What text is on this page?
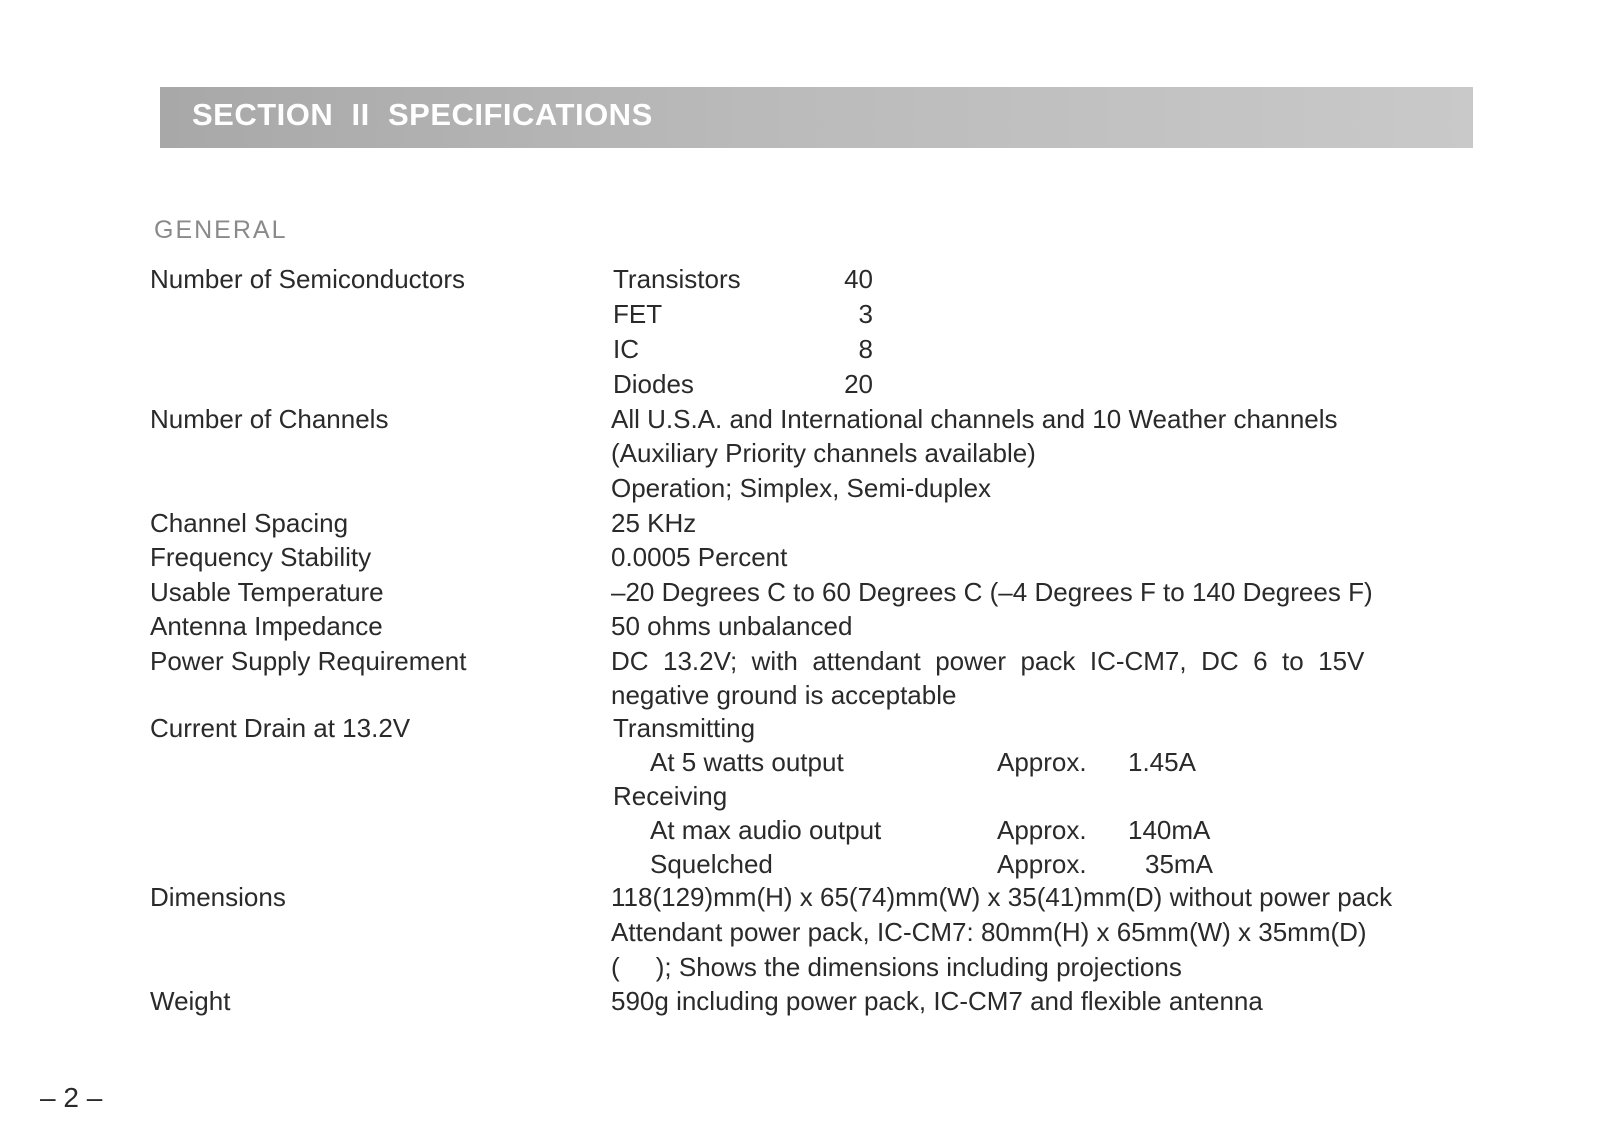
SECTION  II  SPECIFICATIONS
GENERAL
Number of Semiconductors	Transistors	40
FET	3
IC	8
Diodes	20
Number of Channels	All U.S.A. and International channels and 10 Weather channels
(Auxiliary Priority channels available)
Operation; Simplex, Semi-duplex
Channel Spacing	25 KHz
Frequency Stability	0.0005 Percent
Usable Temperature	–20 Degrees C to 60 Degrees C (–4 Degrees F to 140 Degrees F)
Antenna Impedance	50 ohms unbalanced
Power Supply Requirement	DC  13.2V;  with  attendant  power  pack  IC-CM7,  DC  6  to  15V
negative ground is acceptable
Current Drain at 13.2V	Transmitting
At 5 watts output	Approx. 1.45A
Receiving
At max audio output	Approx. 140mA
Squelched	Approx. 35mA
Dimensions	118(129)mm(H) x 65(74)mm(W) x 35(41)mm(D) without power pack
Attendant power pack, IC-CM7: 80mm(H) x 65mm(W) x 35mm(D)
(     ); Shows the dimensions including projections
Weight	590g including power pack, IC-CM7 and flexible antenna
– 2 –
